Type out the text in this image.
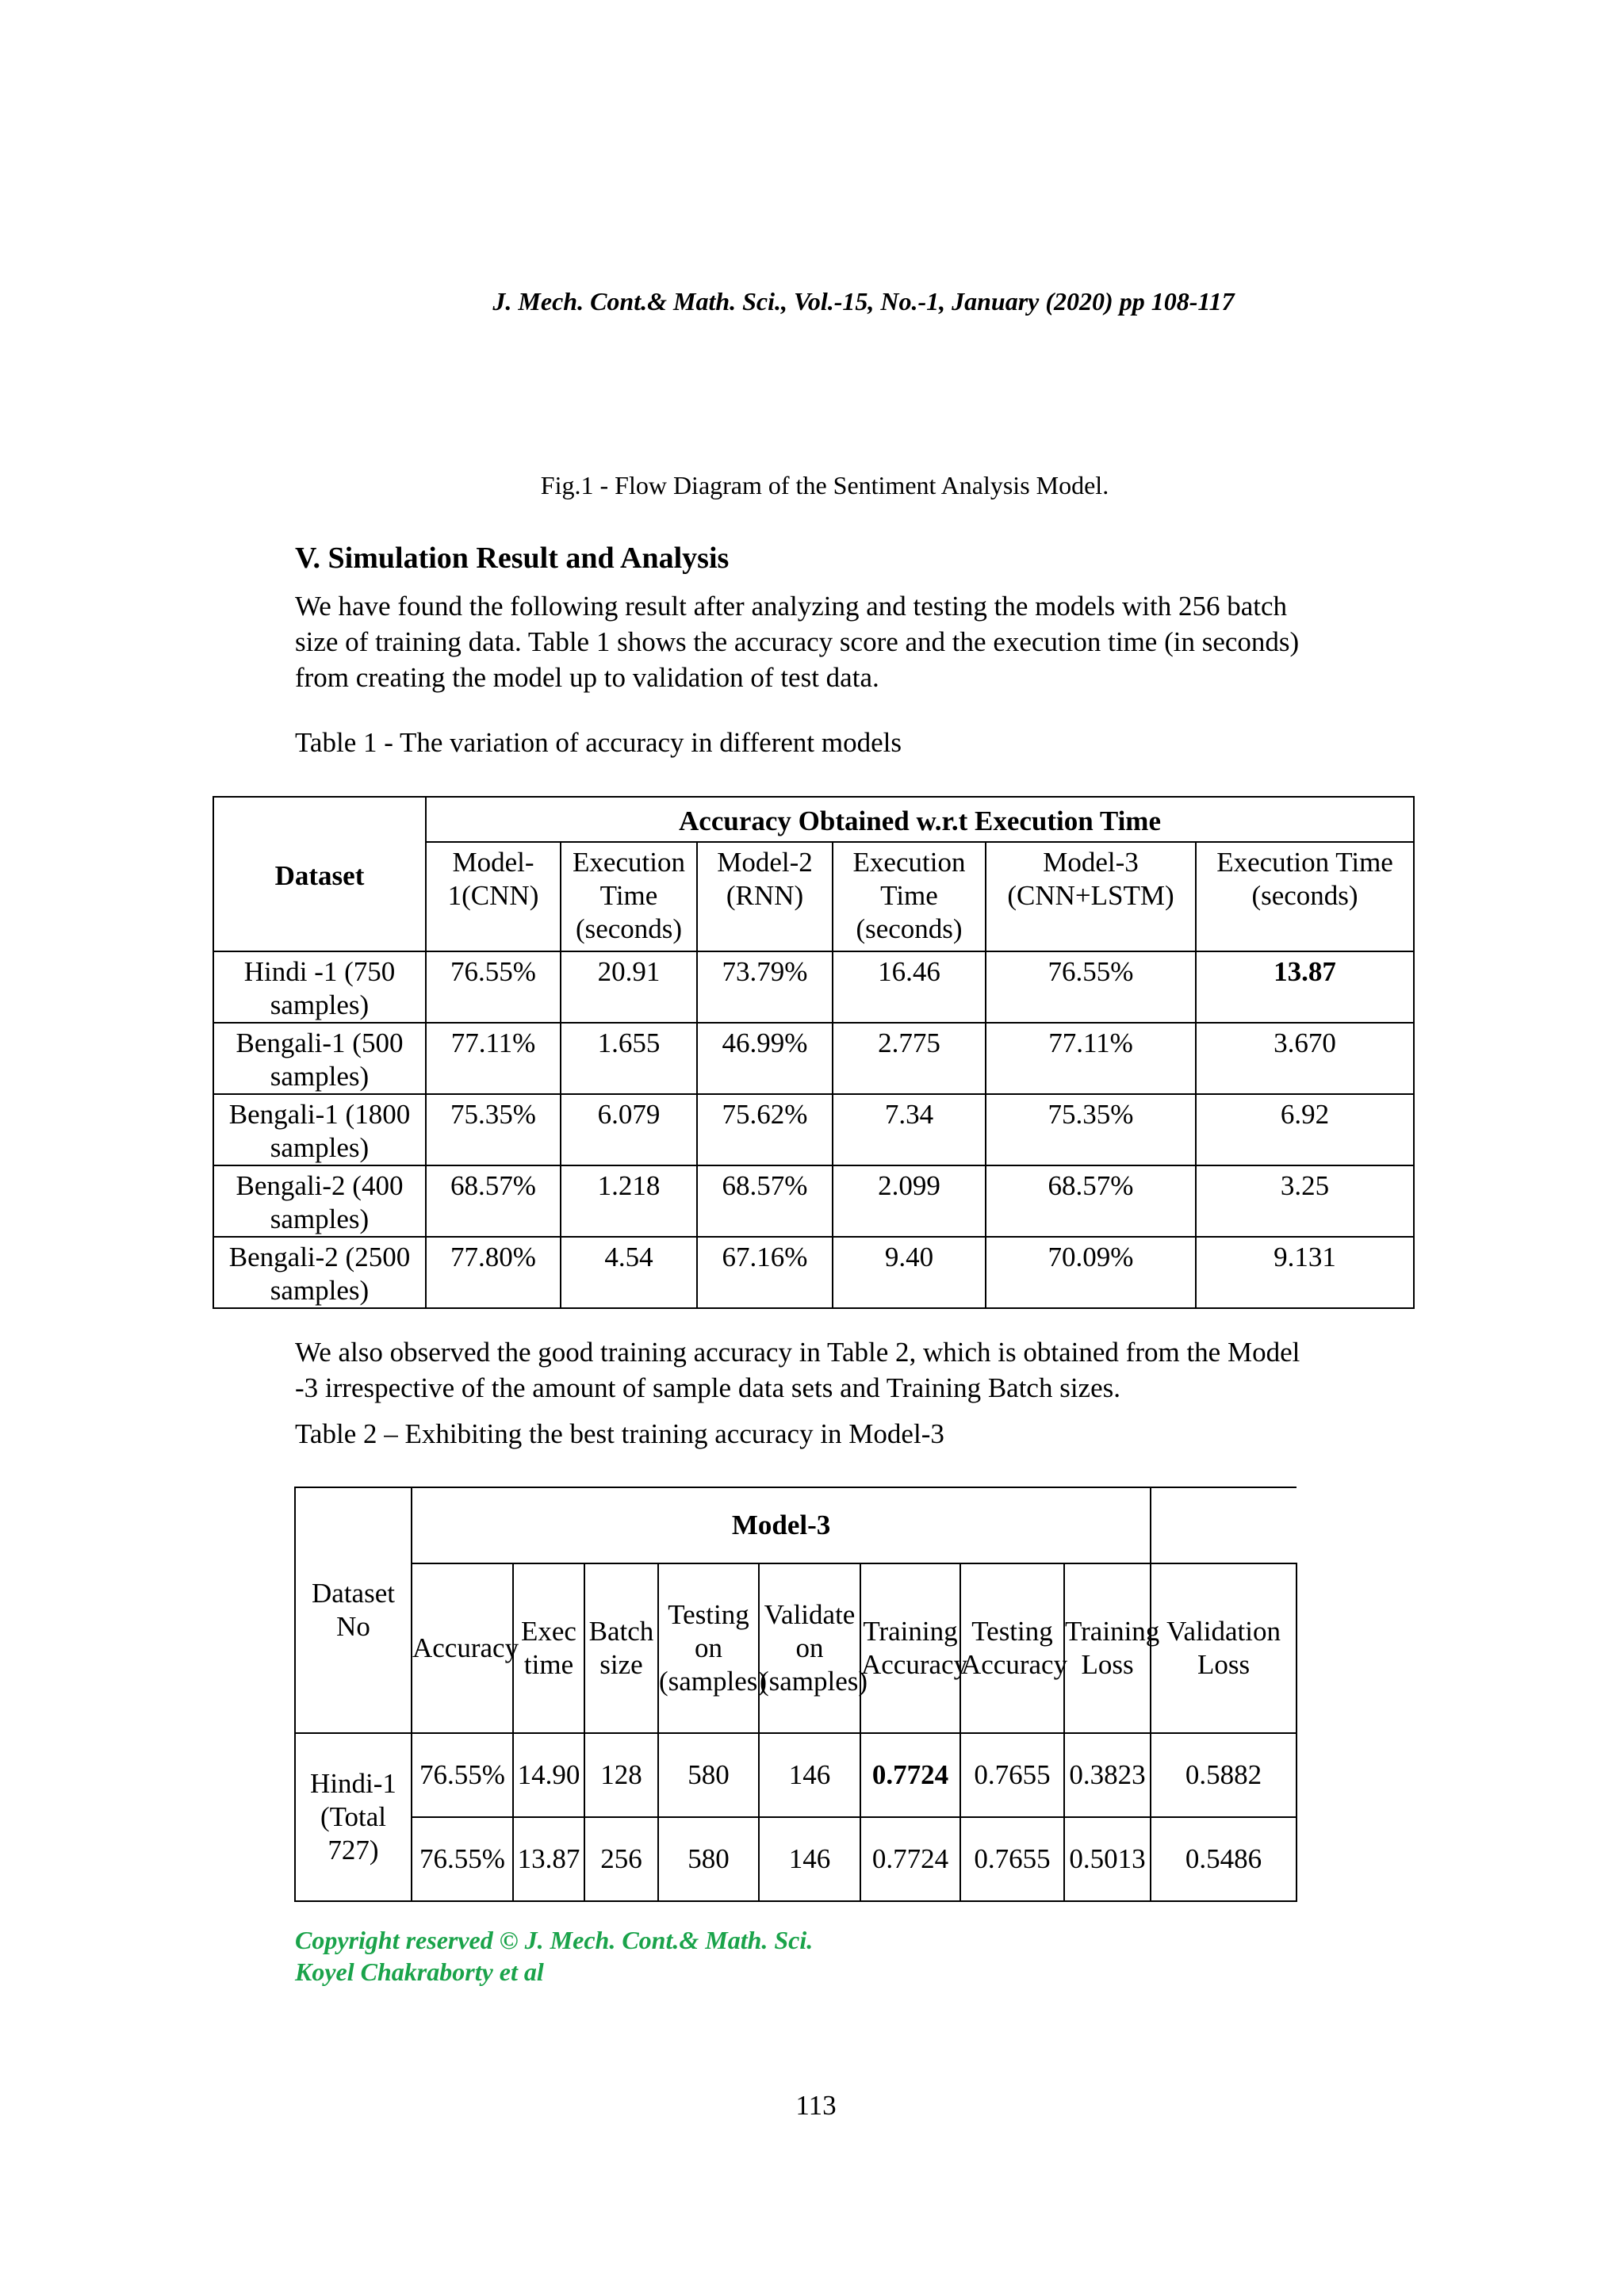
J. Mech. Cont.& Math. Sci., Vol.-15, No.-1, January (2020) pp 108-117
Fig.1 - Flow Diagram of the Sentiment Analysis Model.
V. Simulation Result and Analysis
We have found the following result after analyzing and testing the models with 256 batch size of training data. Table 1 shows the accuracy score and the execution time (in seconds) from creating the model up to validation of test data.
Table 1 - The variation of accuracy in different models
Dataset	Accuracy Obtained w.r.t Execution Time					
	Model-1(CNN)	Execution Time (seconds)	Model-2 (RNN)	Execution Time (seconds)	Model-3 (CNN+LSTM)	Execution Time (seconds)
Hindi -1 (750 samples)	76.55%	20.91	73.79%	16.46	76.55%	13.87
Bengali-1 (500 samples)	77.11%	1.655	46.99%	2.775	77.11%	3.670
Bengali-1 (1800 samples)	75.35%	6.079	75.62%	7.34	75.35%	6.92
Bengali-2 (400 samples)	68.57%	1.218	68.57%	2.099	68.57%	3.25
Bengali-2 (2500 samples)	77.80%	4.54	67.16%	9.40	70.09%	9.131
We also observed the good training accuracy in Table 2, which is obtained from the Model -3 irrespective of the amount of sample data sets and Training Batch sizes.
Table 2 – Exhibiting the best training accuracy in Model-3
Dataset No	Model-3								
	Accuracy	Exec time	Batch size	Testing on (samples)	Validate on (samples)	Training Accuracy	Testing Accuracy	Training Loss	Validation Loss
Hindi-1 (Total 727)	76.55%	14.90	128	580	146	0.7724	0.7655	0.3823	0.5882
	76.55%	13.87	256	580	146	0.7724	0.7655	0.5013	0.5486
Copyright reserved © J. Mech. Cont.& Math. Sci.
Koyel Chakraborty et al
113
